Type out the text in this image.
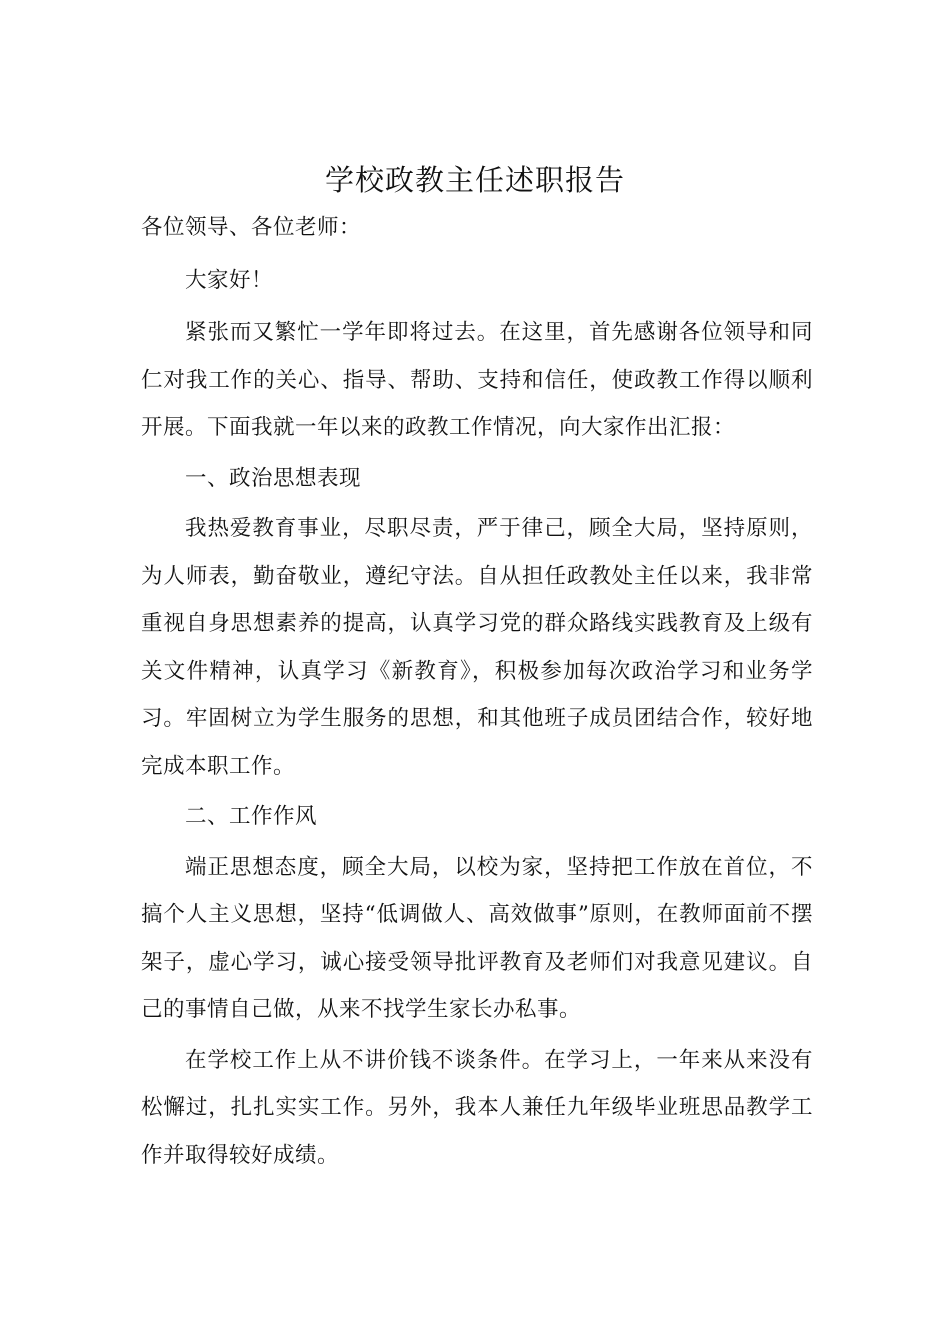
学校政教主任述职报告

各位领导、各位老师：

大家好！

紧张而又繁忙一学年即将过去。在这里，首先感谢各位领导和同仁对我工作的关心、指导、帮助、支持和信任，使政教工作得以顺利开展。下面我就一年以来的政教工作情况，向大家作出汇报：

一、政治思想表现

我热爱教育事业，尽职尽责，严于律己，顾全大局，坚持原则，为人师表，勤奋敬业，遵纪守法。自从担任政教处主任以来，我非常重视自身思想素养的提高，认真学习党的群众路线实践教育及上级有关文件精神，认真学习《新教育》，积极参加每次政治学习和业务学习。牢固树立为学生服务的思想，和其他班子成员团结合作，较好地完成本职工作。

二、工作作风

端正思想态度，顾全大局，以校为家，坚持把工作放在首位，不搞个人主义思想，坚持“低调做人、高效做事”原则，在教师面前不摆架子，虚心学习，诚心接受领导批评教育及老师们对我意见建议。自己的事情自己做，从来不找学生家长办私事。

在学校工作上从不讲价钱不谈条件。在学习上，一年来从来没有松懈过，扎扎实实工作。另外，我本人兼任九年级毕业班思品教学工作并取得较好成绩。
